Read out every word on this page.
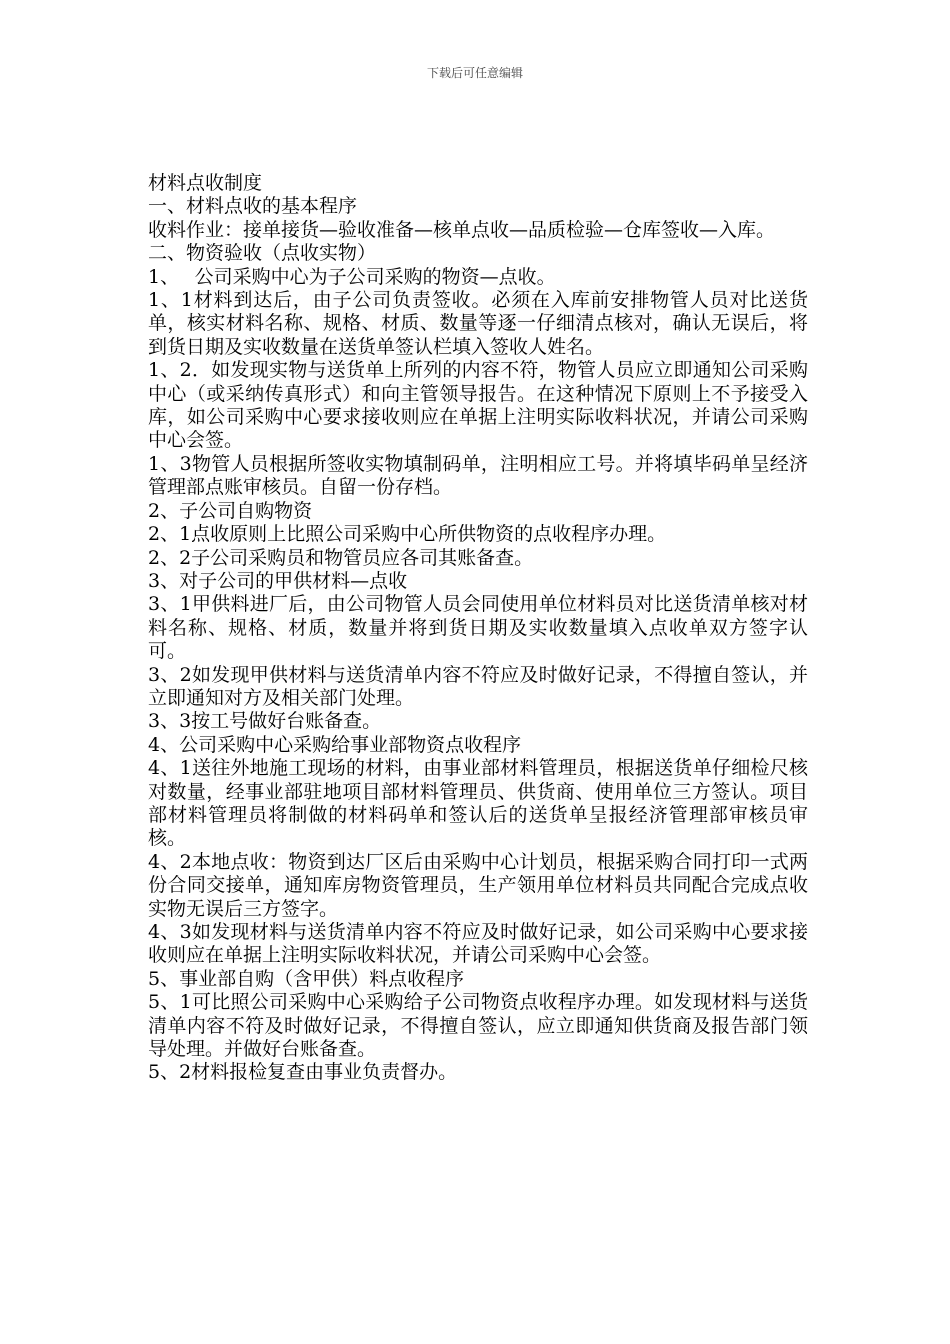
下载后可任意编辑

材料点收制度

一、材料点收的基本程序

收料作业：接单接货—验收准备—核单点收—品质检验—仓库签收—入库。

二、物资验收（点收实物）

1、　 公司采购中心为子公司采购的物资—点收。

1、1材料到达后，由子公司负责签收。必须在入库前安排物管人员对比送货单，核实材料名称、规格、材质、数量等逐一仔细清点核对，确认无误后，将到货日期及实收数量在送货单签认栏填入签收人姓名。

1、2．如发现实物与送货单上所列的内容不符，物管人员应立即通知公司采购中心（或采纳传真形式）和向主管领导报告。在这种情况下原则上不予接受入库，如公司采购中心要求接收则应在单据上注明实际收料状况，并请公司采购中心会签。

1、3物管人员根据所签收实物填制码单，注明相应工号。并将填毕码单呈经济管理部点账审核员。自留一份存档。

2、子公司自购物资

2、1点收原则上比照公司采购中心所供物资的点收程序办理。

2、2子公司采购员和物管员应各司其账备查。

3、对子公司的甲供材料—点收

3、1甲供料进厂后，由公司物管人员会同使用单位材料员对比送货清单核对材料名称、规格、材质，数量并将到货日期及实收数量填入点收单双方签字认可。

3、2如发现甲供材料与送货清单内容不符应及时做好记录，不得擅自签认，并立即通知对方及相关部门处理。

3、3按工号做好台账备查。

4、公司采购中心采购给事业部物资点收程序

4、1送往外地施工现场的材料，由事业部材料管理员，根据送货单仔细检尺核对数量，经事业部驻地项目部材料管理员、供货商、使用单位三方签认。项目部材料管理员将制做的材料码单和签认后的送货单呈报经济管理部审核员审核。

4、2本地点收：物资到达厂区后由采购中心计划员，根据采购合同打印一式两份合同交接单，通知库房物资管理员，生产领用单位材料员共同配合完成点收实物无误后三方签字。

4、3如发现材料与送货清单内容不符应及时做好记录，如公司采购中心要求接收则应在单据上注明实际收料状况，并请公司采购中心会签。

5、事业部自购（含甲供）料点收程序

5、1可比照公司采购中心采购给子公司物资点收程序办理。如发现材料与送货清单内容不符及时做好记录，不得擅自签认，应立即通知供货商及报告部门领导处理。并做好台账备查。

5、2材料报检复查由事业负责督办。
